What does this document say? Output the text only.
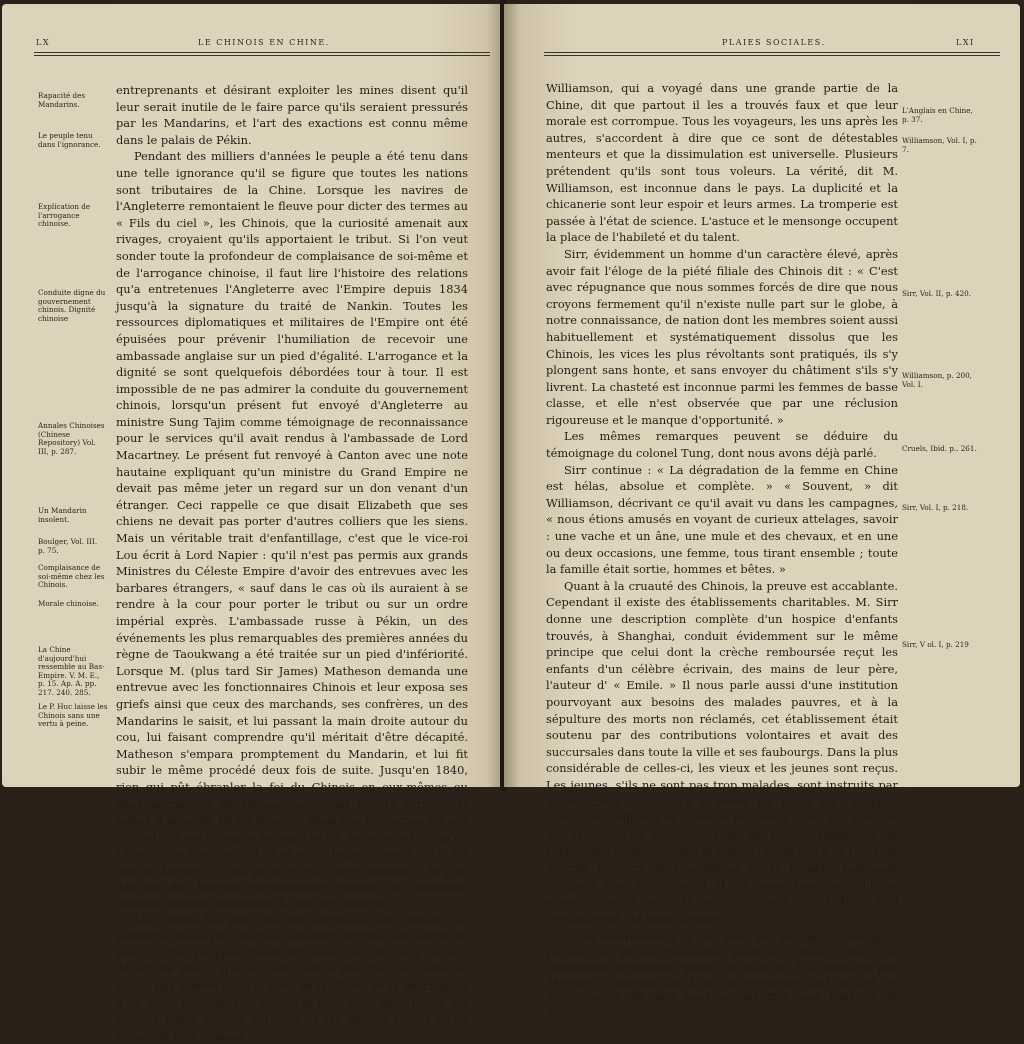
LX	LE CHINOIS EN CHINE.
Rapacité des Mandarins.
Le peuple tenu dans l'ignorance.
Explication de l'arrogance chinoise.
Conduite digne du gouvernement chinois. Dignité chinoise
Annales Chinoises (Chinese Repository) Vol. III, p. 287.
Un Mandarin insolent.
Boulger, Vol. III. p. 75.
Complaisance de soi-même chez les Chinois.
Morale chinoise.
La Chine d'aujourd'hui ressemble au Bas-Empire. V. M. E., p. 15. Ap. A. pp. 217. 240. 285.
Le P. Huc laisse les Chinois sans une vertu à peine.

entreprenants et désirant exploiter les mines disent qu'il leur serait inutile de le faire parce qu'ils seraient pressurés par les Mandarins, et l'art des exactions est connu même dans le palais de Pékin.

Pendant des milliers d'années le peuple a été tenu dans une telle ignorance qu'il se figure que toutes les nations sont tributaires de la Chine. Lorsque les navires de l'Angleterre remontaient le fleuve pour dicter des termes au « Fils du ciel », les Chinois, que la curiosité amenait aux rivages, croyaient qu'ils apportaient le tribut. Si l'on veut sonder toute la profondeur de complaisance de soi-même et de l'arrogance chinoise, il faut lire l'histoire des relations qu'a entretenues l'Angleterre avec l'Empire depuis 1834 jusqu'à la signature du traité de Nankin. Toutes les ressources diplomatiques et militaires de l'Empire ont été épuisées pour prévenir l'humiliation de recevoir une ambassade anglaise sur un pied d'égalité. L'arrogance et la dignité se sont quelquefois débordées tour à tour. Il est impossible de ne pas admirer la conduite du gouvernement chinois, lorsqu'un présent fut envoyé d'Angleterre au ministre Sung Tajim comme témoignage de reconnaissance pour le services qu'il avait rendus à l'ambassade de Lord Macartney. Le présent fut renvoyé à Canton avec une note hautaine expliquant qu'un ministre du Grand Empire ne devait pas même jeter un regard sur un don venant d'un étranger. Ceci rappelle ce que disait Elizabeth que ses chiens ne devait pas porter d'autres colliers que les siens. Mais un véritable trait d'enfantillage, c'est que le vice-roi Lou écrit à Lord Napier : qu'il n'est pas permis aux grands Ministres du Céleste Empire d'avoir des entrevues avec les barbares étrangers, « sauf dans le cas où ils auraient à se rendre à la cour pour porter le tribut ou sur un ordre impérial exprès. L'ambassade russe à Pékin, un des événements les plus remarquables des premières années du règne de Taoukwang a été traitée sur un pied d'infériorité. Lorsque M. (plus tard Sir James) Matheson demanda une entrevue avec les fonctionnaires Chinois et leur exposa ses griefs ainsi que ceux des marchands, ses confrères, un des Mandarins le saisit, et lui passant la main droite autour du cou, lui faisant comprendre qu'il méritait d'être décapité. Matheson s'empara promptement du Mandarin, et lui fit subir le même procédé deux fois de suite. Jusqu'en 1840, rien qui pût ébranler la foi du Chinois en eux-mêmes ou dans la majesté de l'Empereur n'était encore arrivé ; et même à présent, ils ne trouvent dans nos personnes ou nos institutions aucun signe de supériorité. Nous avons vu qu'un Chinois, de l'instruction la plus distinguée, ayant vécu dix ans en Europe, et qui parle et écrit avec élégance, la plus délicate des langues européennes regarde la civilisation chinoise comme supérieure à celle de l'Europe.

Les crimes les plus vils sont attribués aux Chinois. La peinture tracée par chaque voyageur rappelle les temps du Bas-Empire. Le père David dit avec chagrin, lors de son départ de Pékin, que le sentiment d'affection naturelle ne paraît pas exister dans le nord de la Chine, et la description d'un autre missionnaire jésuite le père Huc, description qui ne leur laisse aucune vertu et ne les montre riches qu'en vices, est bien connue.

PLAIES SOCIALES.	LXI

Williamson, qui a voyagé dans une grande partie de la Chine, dit que partout il les a trouvés faux et que leur morale est corrompue. Tous les voyageurs, les uns après les autres, s'accordent à dire que ce sont de détestables menteurs et que la dissimulation est universelle. Plusieurs prétendent qu'ils sont tous voleurs. La vérité, dit M. Williamson, est inconnue dans le pays. La duplicité et la chicanerie sont leur espoir et leurs armes. La tromperie est passée à l'état de science. L'astuce et le mensonge occupent la place de l'habileté et du talent.

Sirr, évidemment un homme d'un caractère élevé, après avoir fait l'éloge de la piété filiale des Chinois dit : « C'est avec répugnance que nous sommes forcés de dire que nous croyons fermement qu'il n'existe nulle part sur le globe, à notre connaissance, de nation dont les membres soient aussi habituellement et systématiquement dissolus que les Chinois, les vices les plus révoltants sont pratiqués, ils s'y plongent sans honte, et sans envoyer du châtiment s'ils s'y livrent. La chasteté est inconnue parmi les femmes de basse classe, et elle n'est observée que par une réclusion rigoureuse et le manque d'opportunité. »

Les mêmes remarques peuvent se déduire du témoignage du colonel Tung, dont nous avons déjà parlé.

Sirr continue : « La dégradation de la femme en Chine est hélas, absolue et complète. » « Souvent, » dit Williamson, décrivant ce qu'il avait vu dans les campagnes, « nous étions amusés en voyant de curieux attelages, savoir : une vache et un âne, une mule et des chevaux, et en une ou deux occasions, une femme, tous tirant ensemble ; toute la famille était sortie, hommes et bêtes. »

Quant à la cruauté des Chinois, la preuve est accablante. Cependant il existe des établissements charitables. M. Sirr donne une description complète d'un hospice d'enfants trouvés, à Shanghai, conduit évidemment sur le même principe que celui dont la crèche remboursée reçut les enfants d'un célèbre écrivain, des mains de leur père, l'auteur d' « Emile. » Il nous parle aussi d'une institution pourvoyant aux besoins des malades pauvres, et à la sépulture des morts non réclamés, cet établissement était soutenu par des contributions volontaires et avait des succursales dans toute la ville et ses faubourgs. Dans la plus considérable de celles-ci, les vieux et les jeunes sont reçus. Les jeunes, s'ils ne sont pas trop malades, sont instruits par un maître d'école payé à même les fonds de l'hospice. Quelques vieillards et infirmes reçoivent aussi des secours au dehors. Les cercueils sont de bonne apparence et solidement construits, sur le couvert de la bière se trouvent inscrits le nom de l'institution et le nombre indiquant combien il en a été fourni. Il y a aussi, bien entendu, un espace réservé pour le nom du mort. En 1848, 6,080 cercueils ont été ainsi donnés.

« Les enterrements se font avec une décence convenable. Le cercueil et les funérailles pourraient faire honte à la chrétienne Angleterre, quand on réfléchit à la manière peu décente et souvent tout-à-fait inconvenante dont se font les enterrements de nos pauvres, inhumés aux frais de la paroisse. »

L'Anglais en Chine, p. 37.
Williamson, Vol. I, p. 7.
Sirr, Vol. II, p. 420.
Williamson, p. 200, Vol. I.
Cruels, Ibid. p.. 261.
Sirr, Vol. I, p. 218.
Sirr, V ol. I, p. 219
